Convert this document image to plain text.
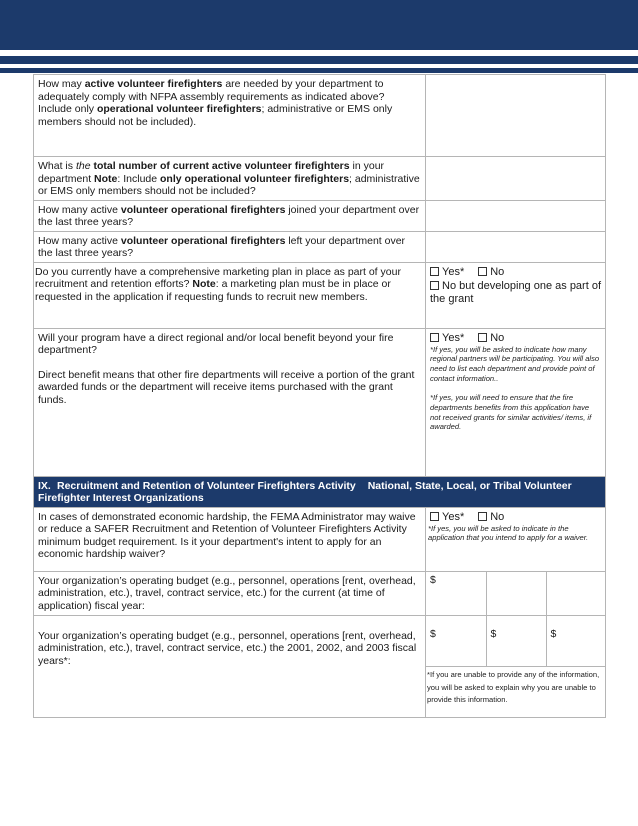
How may active volunteer firefighters are needed by your department to adequately comply with NFPA assembly requirements as indicated above? Include only operational volunteer firefighters; administrative or EMS only members should not be included).	
What is the total number of current active volunteer firefighters in your department Note: Include only operational volunteer firefighters; administrative or EMS only members should not be included?	
How many active volunteer operational firefighters joined your department over the last three years?	
How many active volunteer operational firefighters left your department over the last three years?	
Do you currently have a comprehensive marketing plan in place as part of your recruitment and retention efforts? Note: a marketing plan must be in place or requested in the application if requesting funds to recruit new members.	
Yes* No
No but developing one as part of the grant

Will your program have a direct regional and/or local benefit beyond your fire department?
Direct benefit means that other fire departments will receive a portion of the grant awarded funds or the department will receive items purchased with the grant funds.

Yes* No
*If yes, you will be asked to indicate how many regional partners will be participating. You will also need to list each department and provide point of contact information..
*If yes, you will need to ensure that the fire departments benefits from this application have not received grants for similar activities/ items, if awarded.

IX. Recruitment and Retention of Volunteer Firefighters Activity National, State, Local, or Tribal Volunteer Firefighter Interest Organizations
In cases of demonstrated economic hardship, the FEMA Administrator may waive or reduce a SAFER Recruitment and Retention of Volunteer Firefighters Activity minimum budget requirement. Is it your department's intent to apply for an economic hardship waiver?	
Yes* No
*If yes, you will be asked to indicate in the application that you intend to apply for a waiver.

Your organization’s operating budget (e.g., personnel, operations [rent, overhead, administration, etc.), travel, contract service, etc.) for the current (at time of application) fiscal year:	
$		

Your organization’s operating budget (e.g., personnel, operations [rent, overhead, administration, etc.), travel, contract service, etc.) the 2001, 2002, and 2003 fiscal years*:	
$	$	$
*If you are unable to provide any of the information, you will be asked to explain why you are unable to provide this information.
